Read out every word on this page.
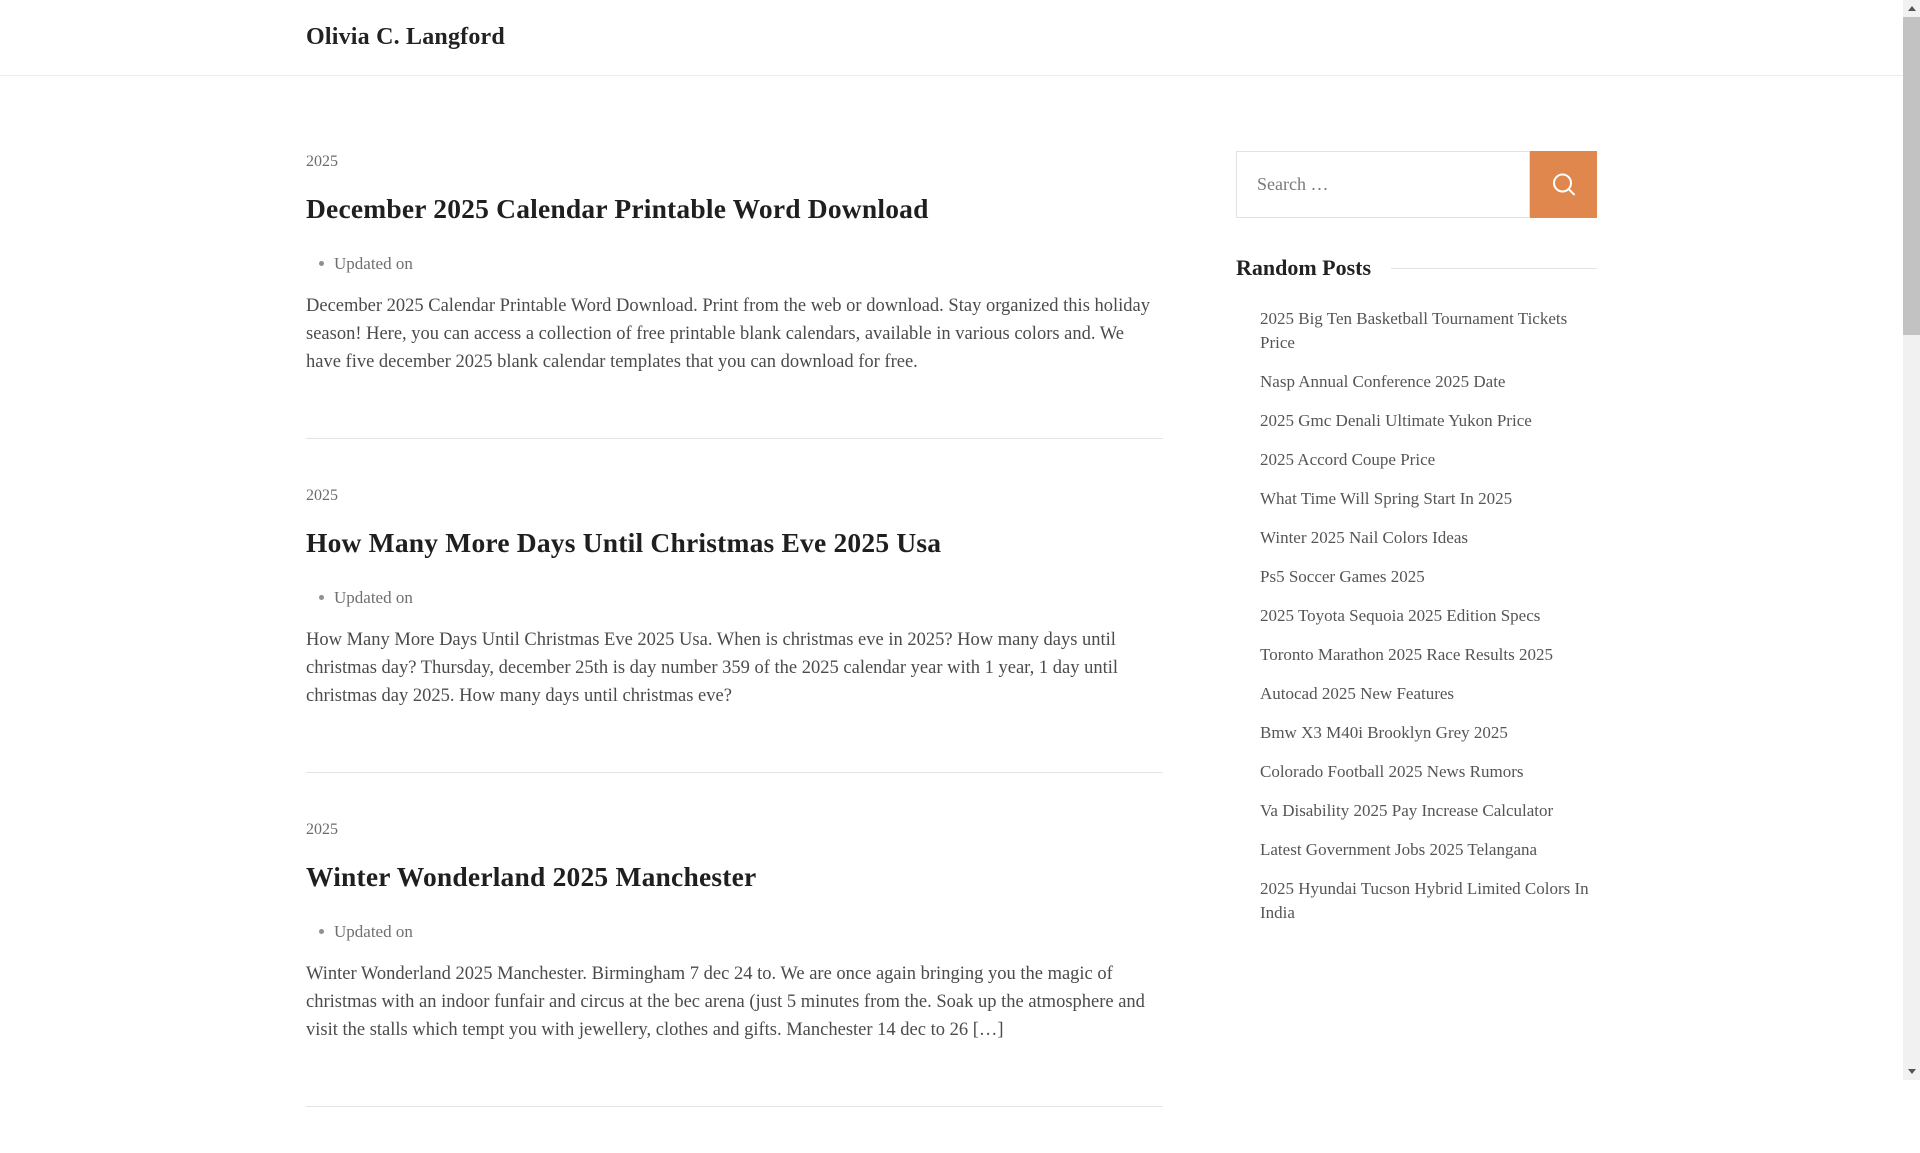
Olivia C. Langford
2025
December 2025 Calendar Printable Word Download
Updated on

December 2025 Calendar Printable Word Download. Print from the web or download. Stay organized this holiday season! Here, you can access a collection of free printable blank calendars, available in various colors and. We have five december 2025 blank calendar templates that you can download for free.

2025
How Many More Days Until Christmas Eve 2025 Usa
Updated on

How Many More Days Until Christmas Eve 2025 Usa. When is christmas eve in 2025? How many days until christmas day? Thursday, december 25th is day number 359 of the 2025 calendar year with 1 year, 1 day until christmas day 2025. How many days until christmas eve?

2025
Winter Wonderland 2025 Manchester
Updated on

Winter Wonderland 2025 Manchester. Birmingham 7 dec 24 to. We are once again bringing you the magic of christmas with an indoor funfair and circus at the bec arena (just 5 minutes from the. Soak up the atmosphere and visit the stalls which tempt you with jewellery, clothes and gifts. Manchester 14 dec to 26 […]

Search …
Random Posts
2025 Big Ten Basketball Tournament Tickets Price
Nasp Annual Conference 2025 Date
2025 Gmc Denali Ultimate Yukon Price
2025 Accord Coupe Price
What Time Will Spring Start In 2025
Winter 2025 Nail Colors Ideas
Ps5 Soccer Games 2025
2025 Toyota Sequoia 2025 Edition Specs
Toronto Marathon 2025 Race Results 2025
Autocad 2025 New Features
Bmw X3 M40i Brooklyn Grey 2025
Colorado Football 2025 News Rumors
Va Disability 2025 Pay Increase Calculator
Latest Government Jobs 2025 Telangana
2025 Hyundai Tucson Hybrid Limited Colors In India
